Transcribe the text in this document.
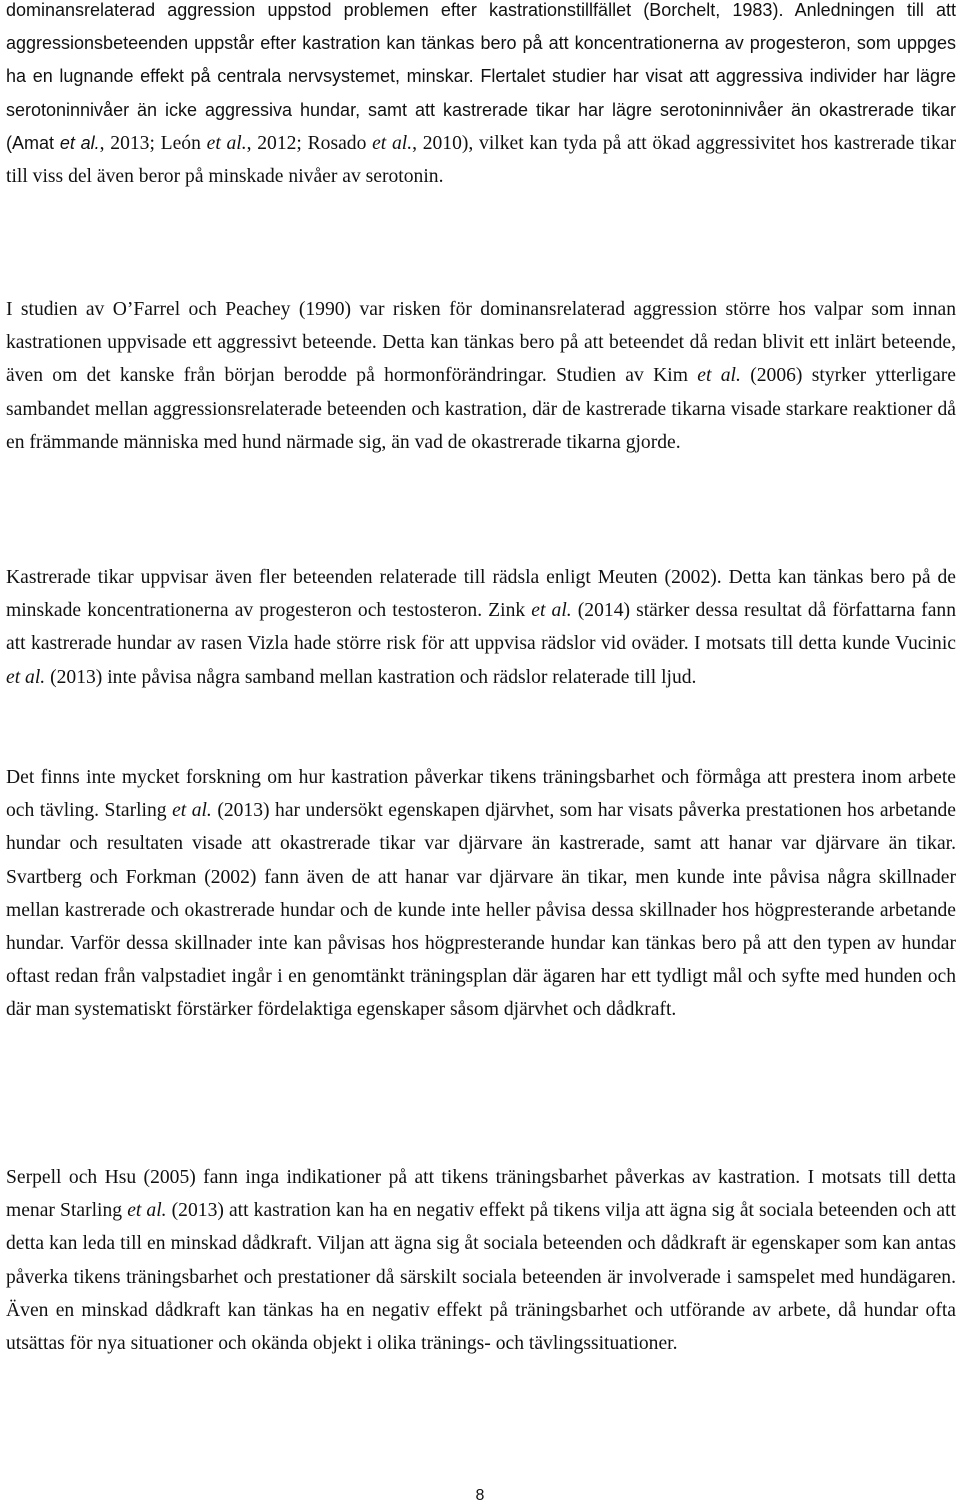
dominansrelaterad aggression uppstod problemen efter kastrationstillfället (Borchelt, 1983). Anledningen till att aggressionsbeteenden uppstår efter kastration kan tänkas bero på att koncentrationerna av progesteron, som uppges ha en lugnande effekt på centrala nervsystemet, minskar. Flertalet studier har visat att aggressiva individer har lägre serotoninnivåer än icke aggressiva hundar, samt att kastrerade tikar har lägre serotoninnivåer än okastrerade tikar (Amat et al., 2013; León et al., 2012; Rosado et al., 2010), vilket kan tyda på att ökad aggressivitet hos kastrerade tikar till viss del även beror på minskade nivåer av serotonin.

I studien av O’Farrel och Peachey (1990) var risken för dominansrelaterad aggression större hos valpar som innan kastrationen uppvisade ett aggressivt beteende. Detta kan tänkas bero på att beteendet då redan blivit ett inlärt beteende, även om det kanske från början berodde på hormonförändringar. Studien av Kim et al. (2006) styrker ytterligare sambandet mellan aggressionsrelaterade beteenden och kastration, där de kastrerade tikarna visade starkare reaktioner då en främmande människa med hund närmade sig, än vad de okastrerade tikarna gjorde.

Kastrerade tikar uppvisar även fler beteenden relaterade till rädsla enligt Meuten (2002). Detta kan tänkas bero på de minskade koncentrationerna av progesteron och testosteron. Zink et al. (2014) stärker dessa resultat då författarna fann att kastrerade hundar av rasen Vizla hade större risk för att uppvisa rädslor vid oväder. I motsats till detta kunde Vucinic et al. (2013) inte påvisa några samband mellan kastration och rädslor relaterade till ljud.

Det finns inte mycket forskning om hur kastration påverkar tikens träningsbarhet och förmåga att prestera inom arbete och tävling. Starling et al. (2013) har undersökt egenskapen djärvhet, som har visats påverka prestationen hos arbetande hundar och resultaten visade att okastrerade tikar var djärvare än kastrerade, samt att hanar var djärvare än tikar. Svartberg och Forkman (2002) fann även de att hanar var djärvare än tikar, men kunde inte påvisa några skillnader mellan kastrerade och okastrerade hundar och de kunde inte heller påvisa dessa skillnader hos högpresterande arbetande hundar. Varför dessa skillnader inte kan påvisas hos högpresterande hundar kan tänkas bero på att den typen av hundar oftast redan från valpstadiet ingår i en genomtänkt träningsplan där ägaren har ett tydligt mål och syfte med hunden och där man systematiskt förstärker fördelaktiga egenskaper såsom djärvhet och dådkraft.

Serpell och Hsu (2005) fann inga indikationer på att tikens träningsbarhet påverkas av kastration. I motsats till detta menar Starling et al. (2013) att kastration kan ha en negativ effekt på tikens vilja att ägna sig åt sociala beteenden och att detta kan leda till en minskad dådkraft. Viljan att ägna sig åt sociala beteenden och dådkraft är egenskaper som kan antas påverka tikens träningsbarhet och prestationer då särskilt sociala beteenden är involverade i samspelet med hundägaren. Även en minskad dådkraft kan tänkas ha en negativ effekt på träningsbarhet och utförande av arbete, då hundar ofta utsättas för nya situationer och okända objekt i olika tränings- och tävlingssituationer.

8
